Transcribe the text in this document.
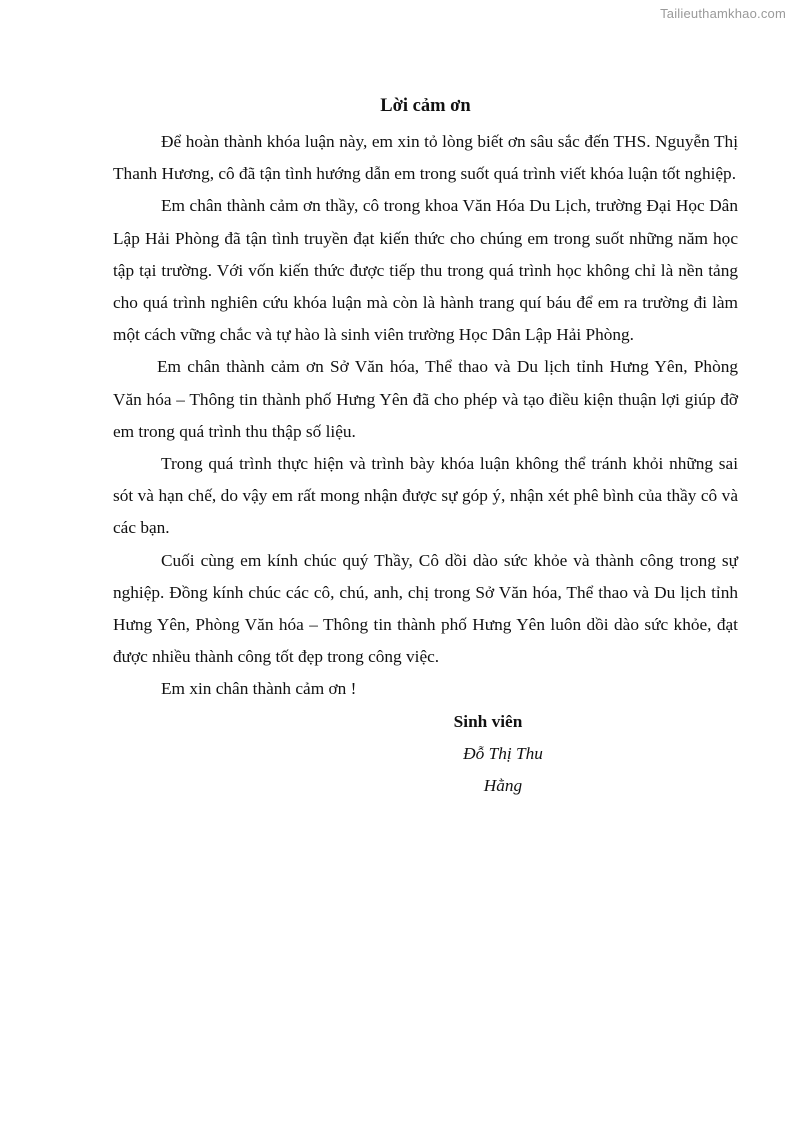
Tailieuthamkhao.com
Lời cảm ơn

Để hoàn thành khóa luận này, em xin tỏ lòng biết ơn sâu sắc đến THS. Nguyễn Thị Thanh Hương, cô đã tận tình hướng dẫn em trong suốt quá trình viết khóa luận tốt nghiệp.

Em chân thành cảm ơn thầy, cô trong khoa Văn Hóa Du Lịch, trường Đại Học Dân Lập Hải Phòng đã tận tình truyền đạt kiến thức cho chúng em trong suốt những năm học tập tại trường. Với vốn kiến thức được tiếp thu trong quá trình học không chỉ là nền tảng cho quá trình nghiên cứu khóa luận mà còn là hành trang quí báu để em ra trường đi làm một cách vững chắc và tự hào là sinh viên trường Học Dân Lập Hải Phòng.

Em chân thành cảm ơn Sở Văn hóa, Thể thao và Du lịch tỉnh Hưng Yên, Phòng Văn hóa – Thông tin thành phố Hưng Yên đã cho phép và tạo điều kiện thuận lợi giúp đỡ em trong quá trình thu thập số liệu.

Trong quá trình thực hiện và trình bày khóa luận không thể tránh khỏi những sai sót và hạn chế, do vậy em rất mong nhận được sự góp ý, nhận xét phê bình của thầy cô và các bạn.

Cuối cùng em kính chúc quý Thầy, Cô dồi dào sức khỏe và thành công trong sự nghiệp. Đồng kính chúc các cô, chú, anh, chị trong Sở Văn hóa, Thể thao và Du lịch tỉnh Hưng Yên, Phòng Văn hóa – Thông tin thành phố Hưng Yên luôn dồi dào sức khỏe, đạt được nhiều thành công tốt đẹp trong công việc.

Em xin chân thành cảm ơn !

Sinh viên
Đỗ Thị Thu Hằng
